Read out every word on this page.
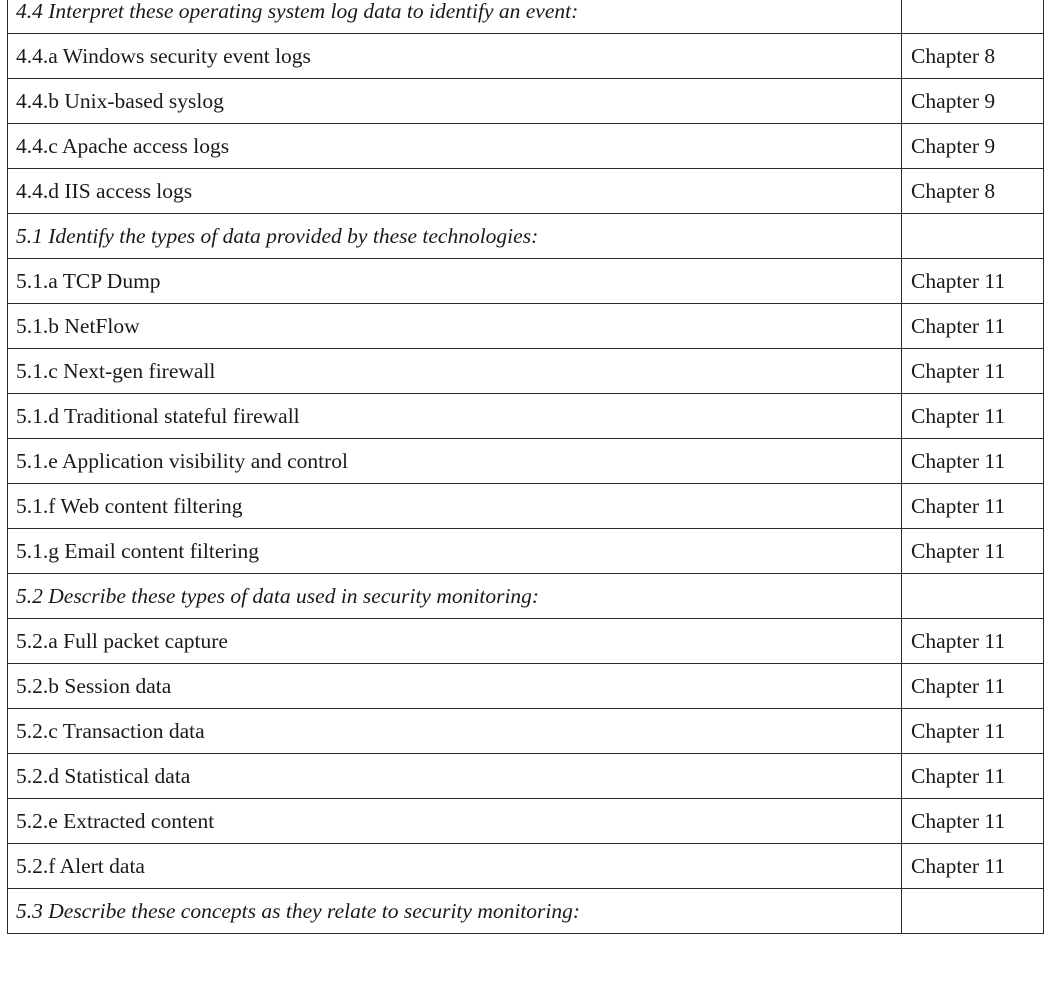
4.4 Interpret these operating system log data to identify an event:	
4.4.a Windows security event logs	Chapter 8
4.4.b Unix-based syslog	Chapter 9
4.4.c Apache access logs	Chapter 9
4.4.d IIS access logs	Chapter 8
5.1 Identify the types of data provided by these technologies:	
5.1.a TCP Dump	Chapter 11
5.1.b NetFlow	Chapter 11
5.1.c Next-gen firewall	Chapter 11
5.1.d Traditional stateful firewall	Chapter 11
5.1.e Application visibility and control	Chapter 11
5.1.f Web content filtering	Chapter 11
5.1.g Email content filtering	Chapter 11
5.2 Describe these types of data used in security monitoring:	
5.2.a Full packet capture	Chapter 11
5.2.b Session data	Chapter 11
5.2.c Transaction data	Chapter 11
5.2.d Statistical data	Chapter 11
5.2.e Extracted content	Chapter 11
5.2.f Alert data	Chapter 11
5.3 Describe these concepts as they relate to security monitoring:	
